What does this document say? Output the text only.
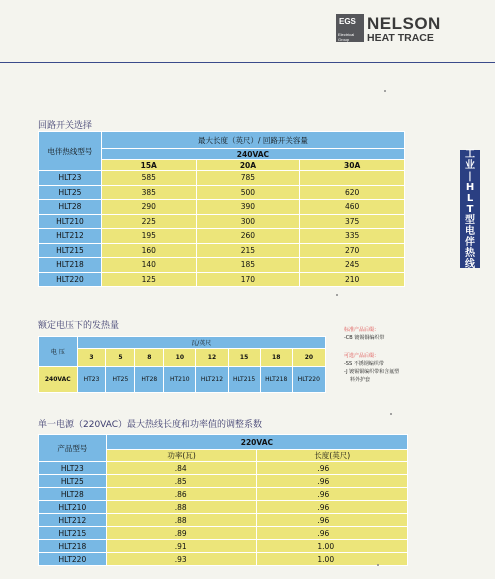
EGS
Electrical Group
NELSON
HEAT TRACE
工
业
|
H
L
T
型
电
伴
热
线
回路开关选择
电伴热线型号	最大长度（英尺）/ 回路开关容量		
	240VAC		
	15A	20A	30A
HLT23	585	785	
HLT25	385	500	620
HLT28	290	390	460
HLT210	225	300	375
HLT212	195	260	335
HLT215	160	215	270
HLT218	140	185	245
HLT220	125	170	210
额定电压下的发热量
电 压	瓦/英尺							
	3	5	8	10	12	15	18	20
240VAC	HT23	HT25	HT28	HT210	HLT212	HLT215	HLT218	HLT220
标准产品后缀：
-CB 镀锡铜编织带
可选产品后缀：
-SS 不锈钢编织带
-J 镀锡铜编织带和含氟塑
料外护套
单一电源（220VAC）最大热线长度和功率值的调整系数
产品型号	220VAC	
	功率(瓦)	长度(英尺)
HLT23	.84	.96
HLT25	.85	.96
HLT28	.86	.96
HLT210	.88	.96
HLT212	.88	.96
HLT215	.89	.96
HLT218	.91	1.00
HLT220	.93	1.00
